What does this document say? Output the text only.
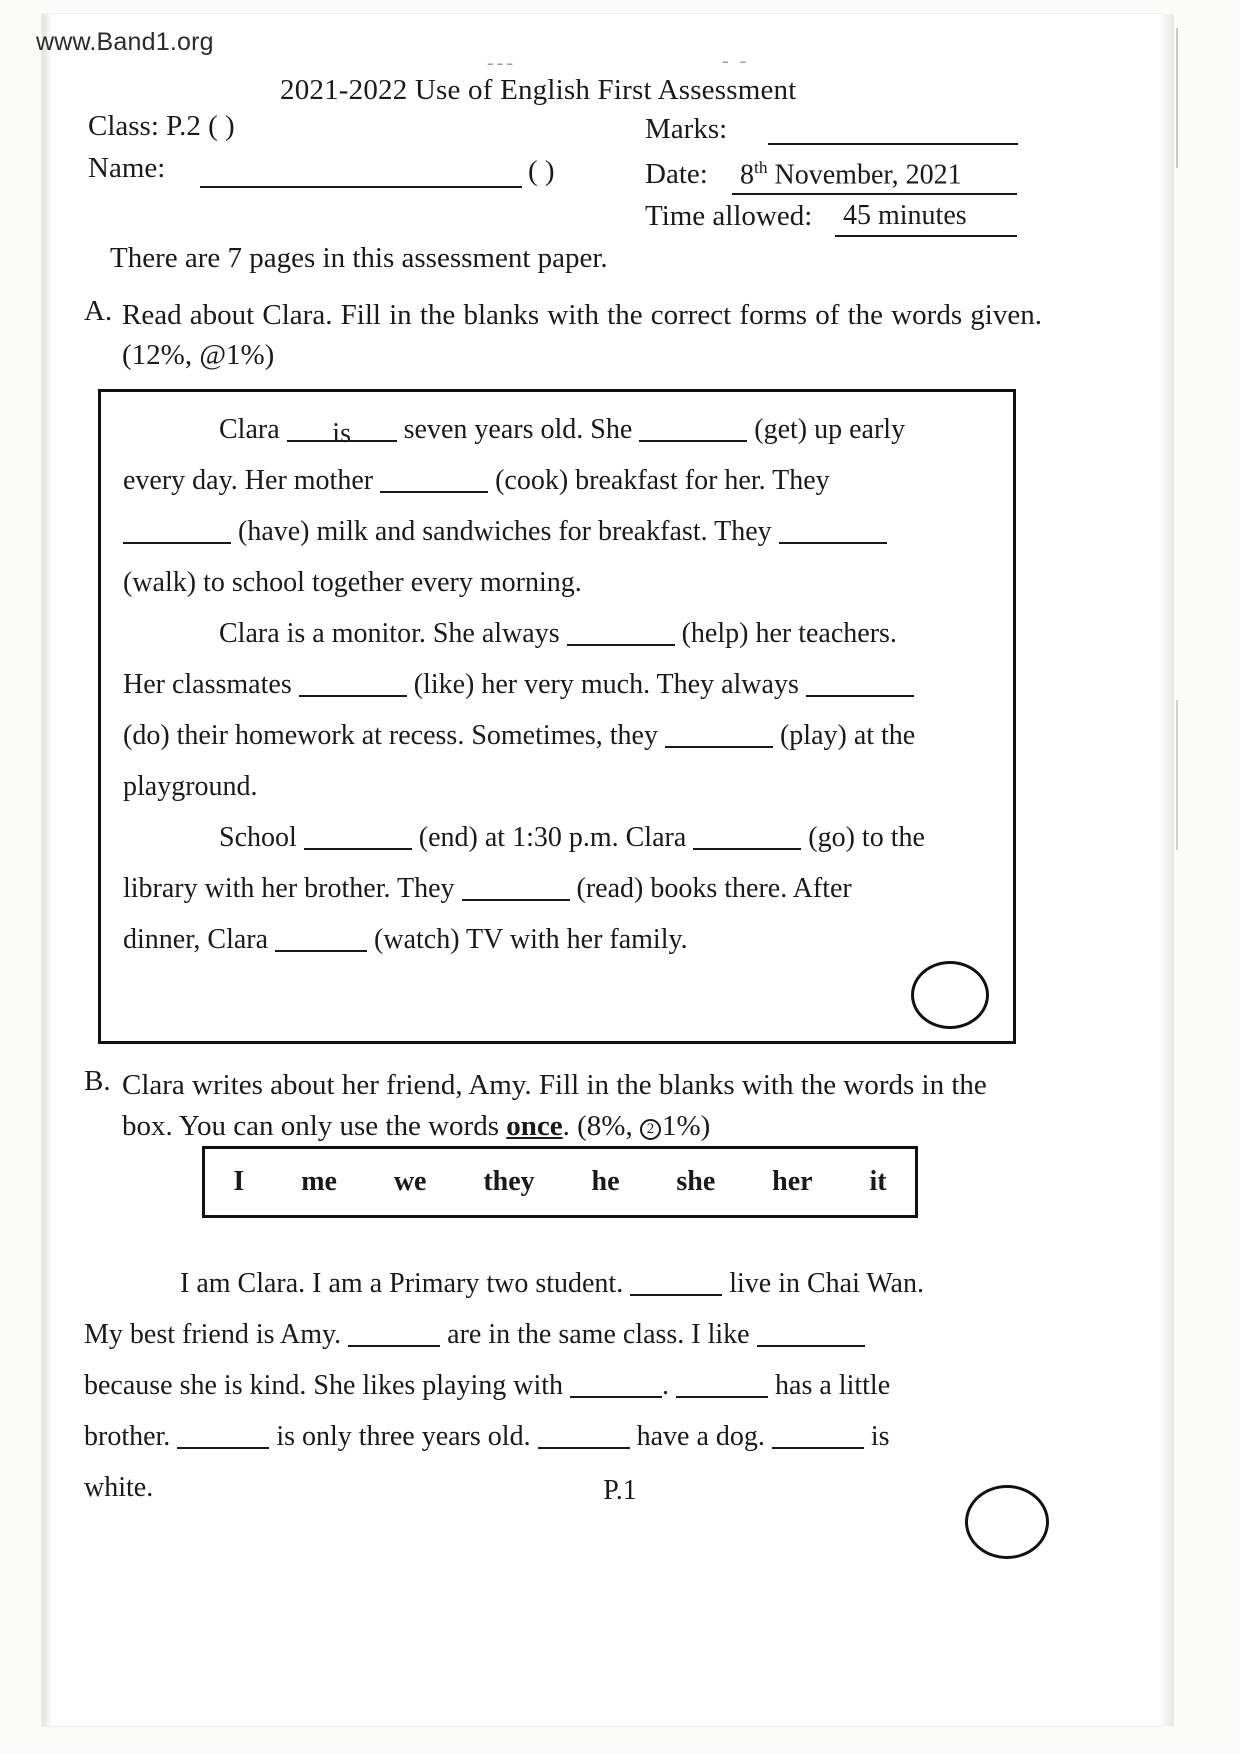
www.Band1.org
---	- -
2021-2022 Use of English First Assessment
Class: P.2 ( )
Name:	( )
Marks:
Date: 8th November, 2021
Time allowed: 45 minutes
There are 7 pages in this assessment paper.
A. Read about Clara. Fill in the blanks with the correct forms of the words given. (12%, @1%)
Clara is seven years old. She	(get) up early
every day. Her mother	(cook) breakfast for her. They
(have) milk and sandwiches for breakfast. They
(walk) to school together every morning.
Clara is a monitor. She always	(help) her teachers.
Her classmates	(like) her very much. They always
(do) their homework at recess. Sometimes, they	(play) at the
playground.
School	(end) at 1:30 p.m. Clara	(go) to the
library with her brother. They	(read) books there. After
dinner, Clara	(watch) TV with her family.
B. Clara writes about her friend, Amy. Fill in the blanks with the words in the box. You can only use the words once. (8%, 2 1%)
I me we they he she her it
I am Clara. I am a Primary two student.	live in Chai Wan.
My best friend is Amy.	are in the same class. I like
because she is kind. She likes playing with	.	has a little
brother.	is only three years old.	have a dog.	is
white.	P.1
